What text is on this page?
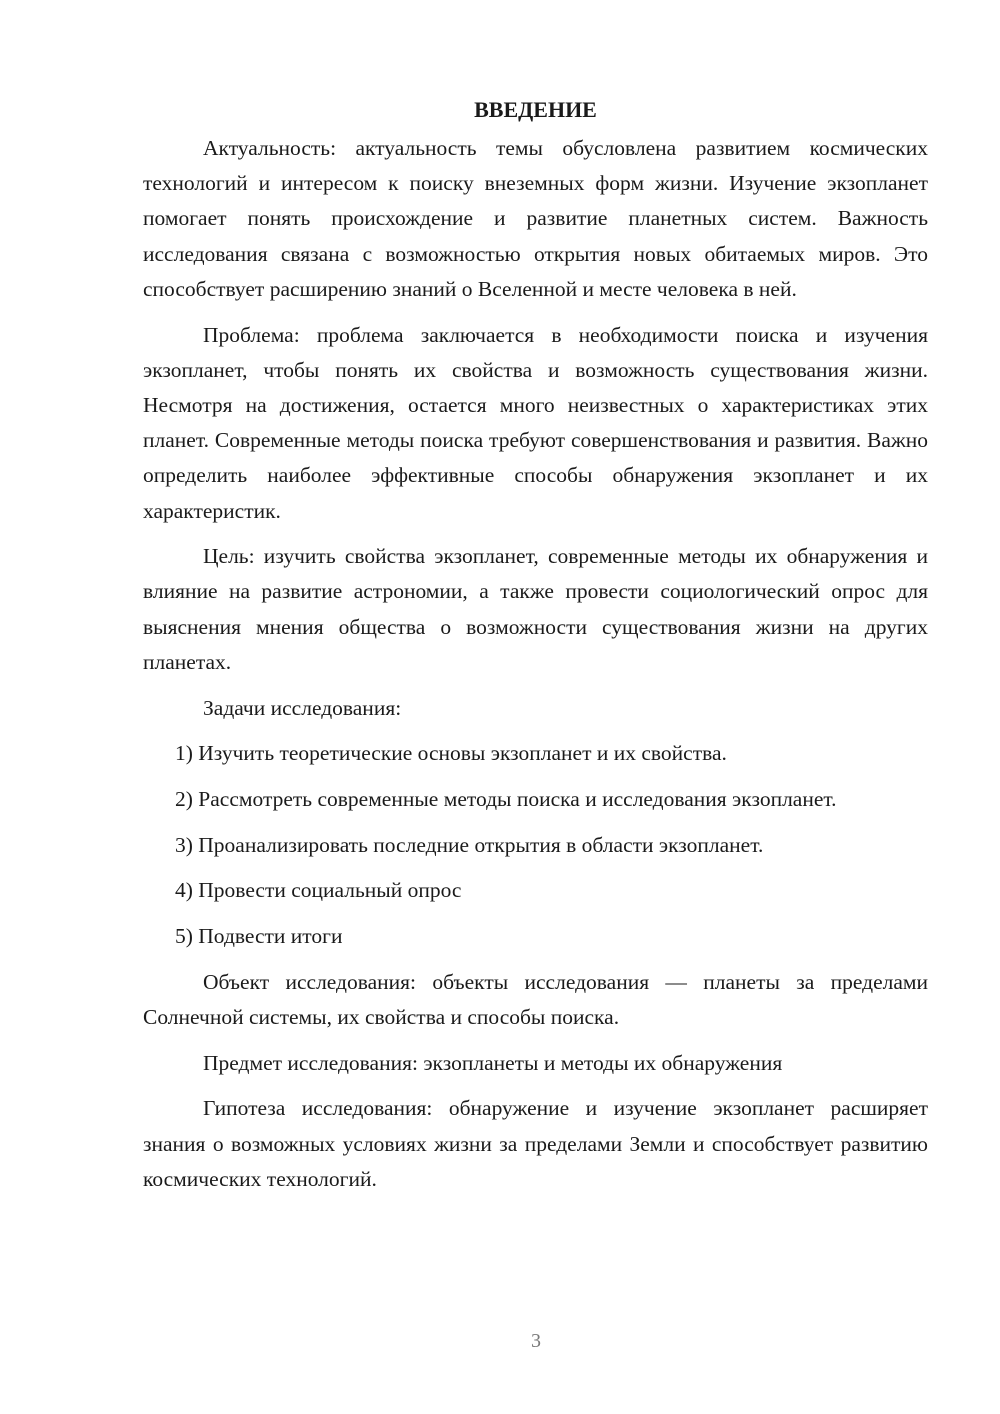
ВВЕДЕНИЕ

Актуальность: актуальность темы обусловлена развитием космических технологий и интересом к поиску внеземных форм жизни. Изучение экзопланет помогает понять происхождение и развитие планетных систем. Важность исследования связана с возможностью открытия новых обитаемых миров. Это способствует расширению знаний о Вселенной и месте человека в ней.

Проблема: проблема заключается в необходимости поиска и изучения экзопланет, чтобы понять их свойства и возможность существования жизни. Несмотря на достижения, остается много неизвестных о характеристиках этих планет. Современные методы поиска требуют совершенствования и развития. Важно определить наиболее эффективные способы обнаружения экзопланет и их характеристик.

Цель: изучить свойства экзопланет, современные методы их обнаружения и влияние на развитие астрономии, а также провести социологический опрос для выяснения мнения общества о возможности существования жизни на других планетах.

Задачи исследования:

1) Изучить теоретические основы экзопланет и их свойства.

2) Рассмотреть современные методы поиска и исследования экзопланет.

3) Проанализировать последние открытия в области экзопланет.

4) Провести социальный опрос

5) Подвести итоги

Объект исследования: объекты исследования — планеты за пределами Солнечной системы, их свойства и способы поиска.

Предмет исследования: экзопланеты и методы их обнаружения

Гипотеза исследования: обнаружение и изучение экзопланет расширяет знания о возможных условиях жизни за пределами Земли и способствует развитию космических технологий.

3
